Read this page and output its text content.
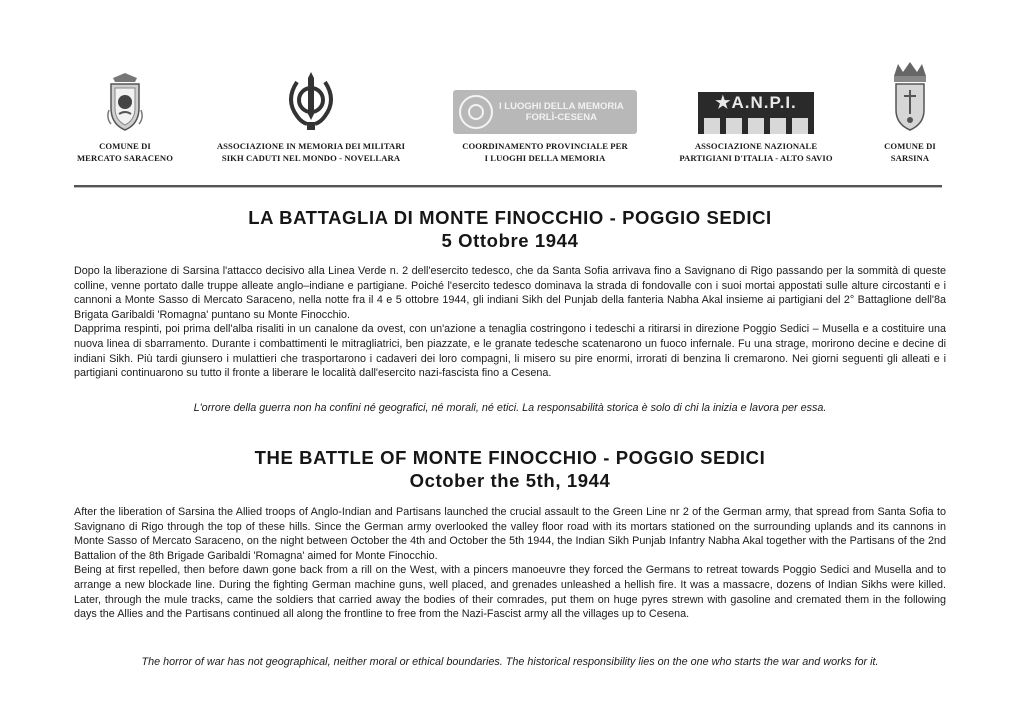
COMUNE DI
MERCATO SARACENO
ASSOCIAZIONE IN MEMORIA DEI MILITARI
SIKH CADUTI NEL MONDO - NOVELLARA
I LUOGHI DELLA MEMORIA
FORLÌ-CESENA
COORDINAMENTO PROVINCIALE PER
I LUOGHI DELLA MEMORIA
★A.N.P.I.
ASSOCIAZIONE NAZIONALE
PARTIGIANI D'ITALIA - ALTO SAVIO
COMUNE DI
SARSINA
LA BATTAGLIA DI MONTE FINOCCHIO - POGGIO SEDICI
5 Ottobre 1944

Dopo la liberazione di Sarsina l'attacco decisivo alla Linea Verde n. 2 dell'esercito tedesco, che da Santa Sofia arrivava fino a Savignano di Rigo passando per la sommità di queste colline, venne portato dalle truppe alleate anglo–indiane e partigiane. Poiché l'esercito tedesco dominava la strada di fondovalle con i suoi mortai appostati sulle alture circostanti e i cannoni a Monte Sasso di Mercato Saraceno, nella notte fra il 4 e 5 ottobre 1944, gli indiani Sikh del Punjab della fanteria Nabha Akal insieme ai partigiani del 2° Battaglione dell'8a Brigata Garibaldi 'Romagna' puntano su Monte Finocchio.

Dapprima respinti, poi prima dell'alba risaliti in un canalone da ovest, con un'azione a tenaglia costringono i tedeschi a ritirarsi in direzione Poggio Sedici – Musella e a costituire una nuova linea di sbarramento. Durante i combattimenti le mitragliatrici, ben piazzate, e le granate tedesche scatenarono un fuoco infernale. Fu una strage, morirono decine e decine di indiani Sikh. Più tardi giunsero i mulattieri che trasportarono i cadaveri dei loro compagni, li misero su pire enormi, irrorati di benzina li cremarono. Nei giorni seguenti gli alleati e i partigiani continuarono su tutto il fronte a liberare le località dall'esercito nazi-fascista fino a Cesena.

L'orrore della guerra non ha confini né geografici, né morali, né etici. La responsabilità storica è solo di chi la inizia e lavora per essa.
THE BATTLE OF MONTE FINOCCHIO - POGGIO SEDICI
October the 5th, 1944

After the liberation of Sarsina the Allied troops of Anglo-Indian and Partisans launched the crucial assault to the Green Line nr 2 of the German army, that spread from Santa Sofia to Savignano di Rigo through the top of these hills. Since the German army overlooked the valley floor road with its mortars stationed on the surrounding uplands and its cannons in Monte Sasso of Mercato Saraceno, on the night between October the 4th and October the 5th 1944, the Indian Sikh Punjab Infantry Nabha Akal together with the Partisans of the 2nd Battalion of the 8th Brigade Garibaldi 'Romagna' aimed for Monte Finocchio.

Being at first repelled, then before dawn gone back from a rill on the West, with a pincers manoeuvre they forced the Germans to retreat towards Poggio Sedici and Musella and to arrange a new blockade line. During the fighting German machine guns, well placed, and grenades unleashed a hellish fire. It was a massacre, dozens of Indian Sikhs were killed. Later, through the mule tracks, came the soldiers that carried away the bodies of their comrades, put them on huge pyres strewn with gasoline and cremated them in the following days the Allies and the Partisans continued all along the frontline to free from the Nazi-Fascist army all the villages up to Cesena.

The horror of war has not geographical, neither moral or ethical boundaries. The historical responsibility lies on the one who starts the war and works for it.
